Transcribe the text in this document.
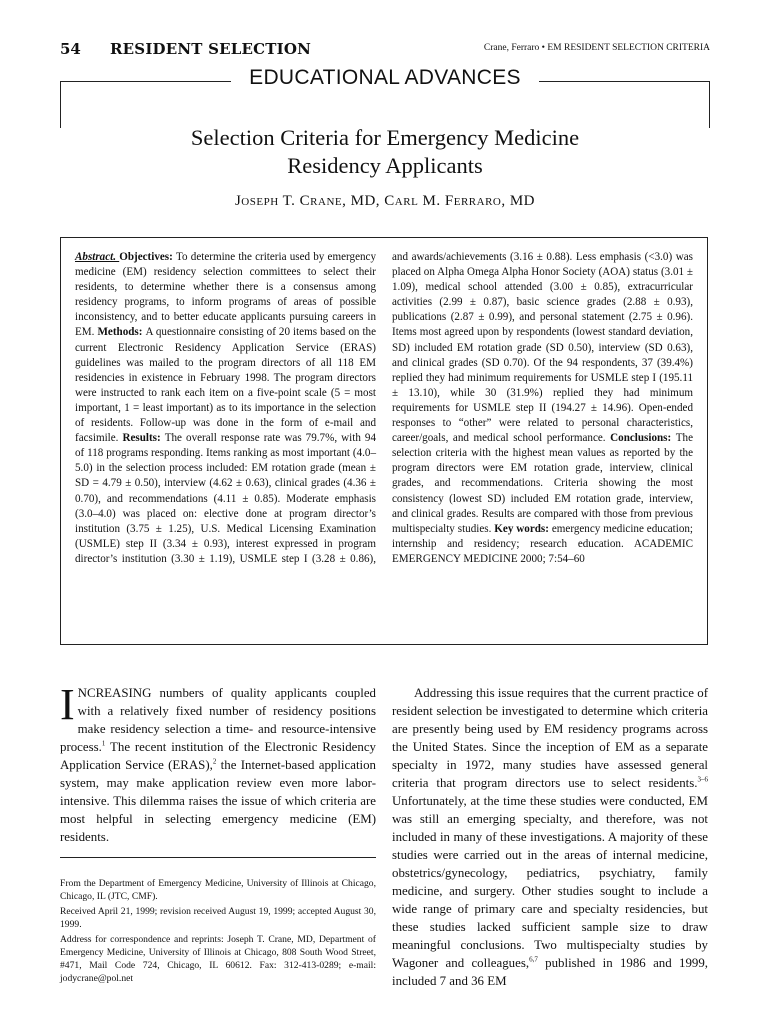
54 RESIDENT SELECTION	Crane, Ferraro • EM RESIDENT SELECTION CRITERIA
EDUCATIONAL ADVANCES
Selection Criteria for Emergency Medicine
Residency Applicants
Joseph T. Crane, MD, Carl M. Ferraro, MD
Abstract. Objectives: To determine the criteria used by emergency medicine (EM) residency selection committees to select their residents, to determine whether there is a consensus among residency programs, to inform programs of areas of possible inconsistency, and to better educate applicants pursuing careers in EM. Methods: A questionnaire consisting of 20 items based on the current Electronic Residency Application Service (ERAS) guidelines was mailed to the program directors of all 118 EM residencies in existence in February 1998. The program directors were instructed to rank each item on a five-point scale (5 = most important, 1 = least important) as to its importance in the selection of residents. Follow-up was done in the form of e-mail and facsimile. Results: The overall response rate was 79.7%, with 94 of 118 programs responding. Items ranking as most important (4.0–5.0) in the selection process included: EM rotation grade (mean ± SD = 4.79 ± 0.50), interview (4.62 ± 0.63), clinical grades (4.36 ± 0.70), and recommendations (4.11 ± 0.85). Moderate emphasis (3.0–4.0) was placed on: elective done at program director’s institution (3.75 ± 1.25), U.S. Medical Licensing Examination (USMLE) step II (3.34 ± 0.93), interest expressed in program director’s institution (3.30 ± 1.19), USMLE step I (3.28 ± 0.86), and awards/achievements (3.16 ± 0.88). Less emphasis (<3.0) was placed on Alpha Omega Alpha Honor Society (AOA) status (3.01 ± 1.09), medical school attended (3.00 ± 0.85), extracurricular activities (2.99 ± 0.87), basic science grades (2.88 ± 0.93), publications (2.87 ± 0.99), and personal statement (2.75 ± 0.96). Items most agreed upon by respondents (lowest standard deviation, SD) included EM rotation grade (SD 0.50), interview (SD 0.63), and clinical grades (SD 0.70). Of the 94 respondents, 37 (39.4%) replied they had minimum requirements for USMLE step I (195.11 ± 13.10), while 30 (31.9%) replied they had minimum requirements for USMLE step II (194.27 ± 14.96). Open-ended responses to “other” were related to personal characteristics, career/goals, and medical school performance. Conclusions: The selection criteria with the highest mean values as reported by the program directors were EM rotation grade, interview, clinical grades, and recommendations. Criteria showing the most consistency (lowest SD) included EM rotation grade, interview, and clinical grades. Results are compared with those from previous multispecialty studies. Key words: emergency medicine education; internship and residency; research education. ACADEMIC EMERGENCY MEDICINE 2000; 7:54–60
INCREASING numbers of quality applicants coupled with a relatively fixed number of residency positions make residency selection a time- and resource-intensive process.$^1$ The recent institution of the Electronic Residency Application Service (ERAS),$^2$ the Internet-based application system, may make application review even more labor-intensive. This dilemma raises the issue of which criteria are most helpful in selecting emergency medicine (EM) residents.

From the Department of Emergency Medicine, University of Illinois at Chicago, Chicago, IL (JTC, CMF).

Received April 21, 1999; revision received August 19, 1999; accepted August 30, 1999.

Address for correspondence and reprints: Joseph T. Crane, MD, Department of Emergency Medicine, University of Illinois at Chicago, 808 South Wood Street, #471, Mail Code 724, Chicago, IL 60612. Fax: 312-413-0289; e-mail: jodycrane@pol.net

Addressing this issue requires that the current practice of resident selection be investigated to determine which criteria are presently being used by EM residency programs across the United States. Since the inception of EM as a separate specialty in 1972, many studies have assessed general criteria that program directors use to select residents.$^{3-6}$ Unfortunately, at the time these studies were conducted, EM was still an emerging specialty, and therefore, was not included in many of these investigations. A majority of these studies were carried out in the areas of internal medicine, obstetrics/gynecology, pediatrics, psychiatry, family medicine, and surgery. Other studies sought to include a wide range of primary care and specialty residencies, but these studies lacked sufficient sample size to draw meaningful conclusions. Two multispecialty studies by Wagoner and colleagues,$^{6,7}$ published in 1986 and 1999, included 7 and 36 EM
